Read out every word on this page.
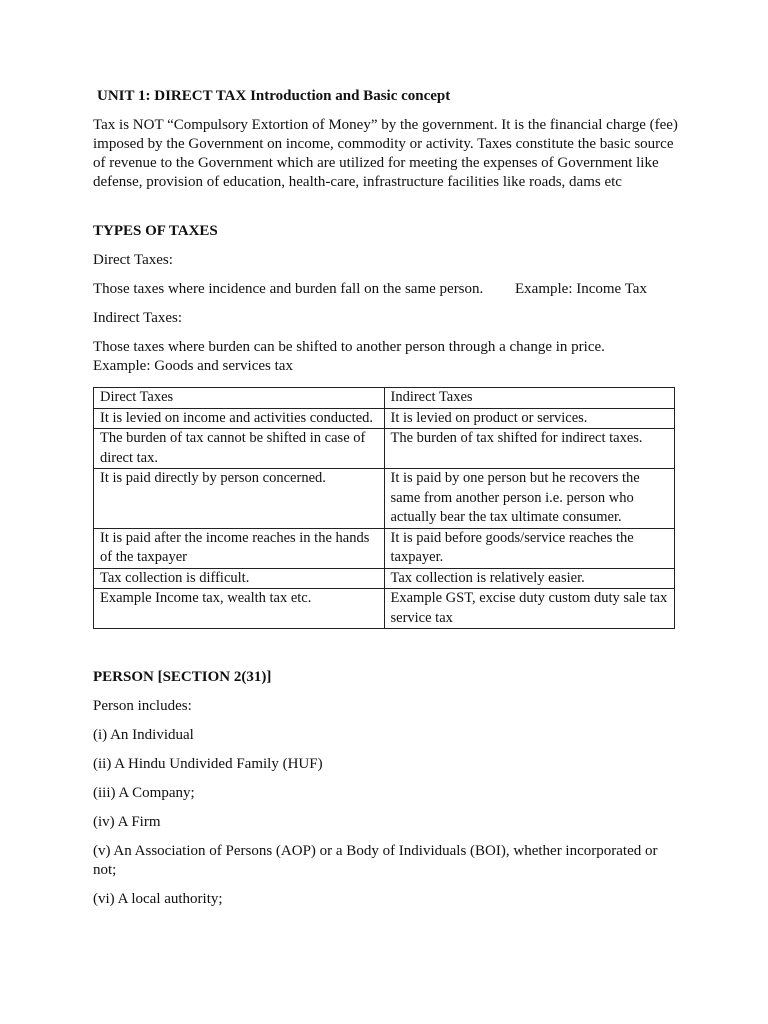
UNIT 1: DIRECT TAX Introduction and Basic concept

Tax is NOT “Compulsory Extortion of Money” by the government. It is the financial charge (fee) imposed by the Government on income, commodity or activity. Taxes constitute the basic source of revenue to the Government which are utilized for meeting the expenses of Government like defense, provision of education, health-care, infrastructure facilities like roads, dams etc

TYPES OF TAXES

Direct Taxes:

Those taxes where incidence and burden fall on the same person. Example: Income Tax

Indirect Taxes:

Those taxes where burden can be shifted to another person through a change in price. Example: Goods and services tax

Direct Taxes	Indirect Taxes
It is levied on income and activities conducted.	It is levied on product or services.
The burden of tax cannot be shifted in case of direct tax.	The burden of tax shifted for indirect taxes.
It is paid directly by person concerned.	It is paid by one person but he recovers the same from another person i.e. person who actually bear the tax ultimate consumer.
It is paid after the income reaches in the hands of the taxpayer	It is paid before goods/service reaches the taxpayer.
Tax collection is difficult.	Tax collection is relatively easier.
Example Income tax, wealth tax etc.	Example GST, excise duty custom duty sale tax service tax

PERSON [SECTION 2(31)]

Person includes:

(i) An Individual

(ii) A Hindu Undivided Family (HUF)

(iii) A Company;

(iv) A Firm

(v) An Association of Persons (AOP) or a Body of Individuals (BOI), whether incorporated or not;

(vi) A local authority;
